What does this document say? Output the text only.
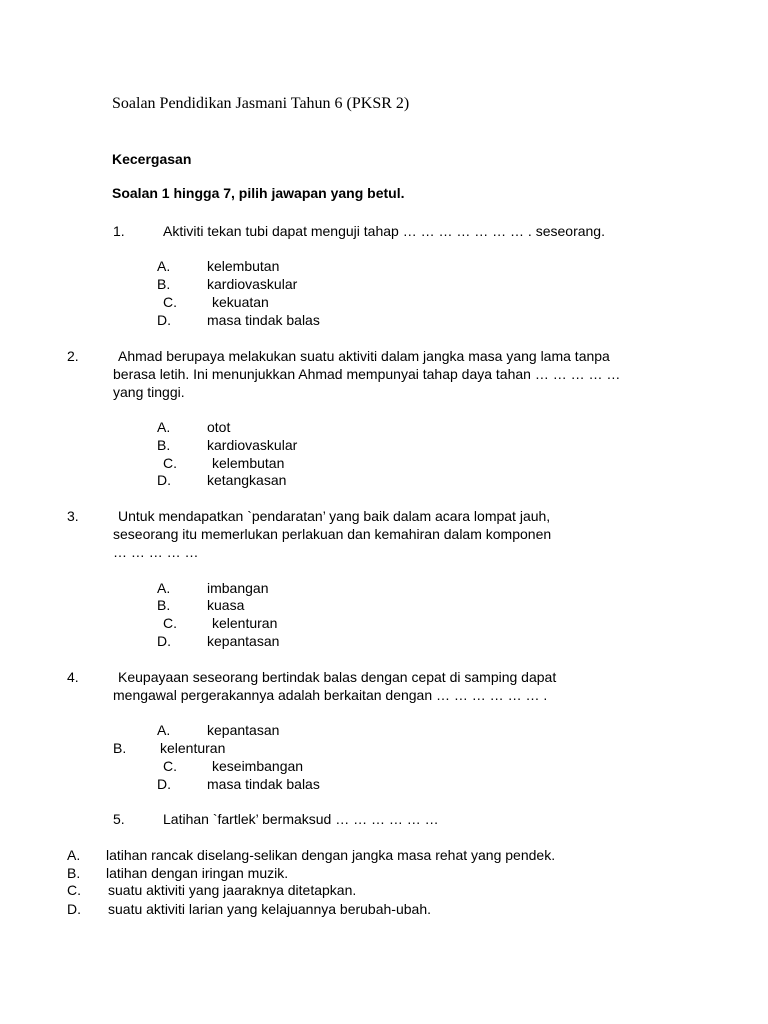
Soalan Pendidikan Jasmani Tahun 6 (PKSR 2)
Kecergasan
Soalan 1 hingga 7, pilih jawapan yang betul.
1.	Aktiviti tekan tubi dapat menguji tahap … … … … … … … . seseorang.
A.	kelembutan
B.	kardiovaskular
C.	kekuatan
D.	masa tindak balas
2.	Ahmad berupaya melakukan suatu aktiviti dalam jangka masa yang lama tanpa
berasa letih. Ini menunjukkan Ahmad mempunyai tahap daya tahan … … … … …
yang tinggi.
A.	otot
B.	kardiovaskular
C.	kelembutan
D.	ketangkasan
3.	Untuk mendapatkan `pendaratan’ yang baik dalam acara lompat jauh,
seseorang itu memerlukan perlakuan dan kemahiran dalam komponen
… … … … …
A.	imbangan
B.	kuasa
C.	kelenturan
D.	kepantasan
4.	Keupayaan seseorang bertindak balas dengan cepat di samping dapat
mengawal pergerakannya adalah berkaitan dengan … … … … … … .
A.	kepantasan
B. kelenturan
C.	keseimbangan
D.	masa tindak balas
5.	Latihan `fartlek’ bermaksud … … … … … …
A. latihan rancak diselang-selikan dengan jangka masa rehat yang pendek.
B. latihan dengan iringan muzik.
C. suatu aktiviti yang jaaraknya ditetapkan.
D. suatu aktiviti larian yang kelajuannya berubah-ubah.
